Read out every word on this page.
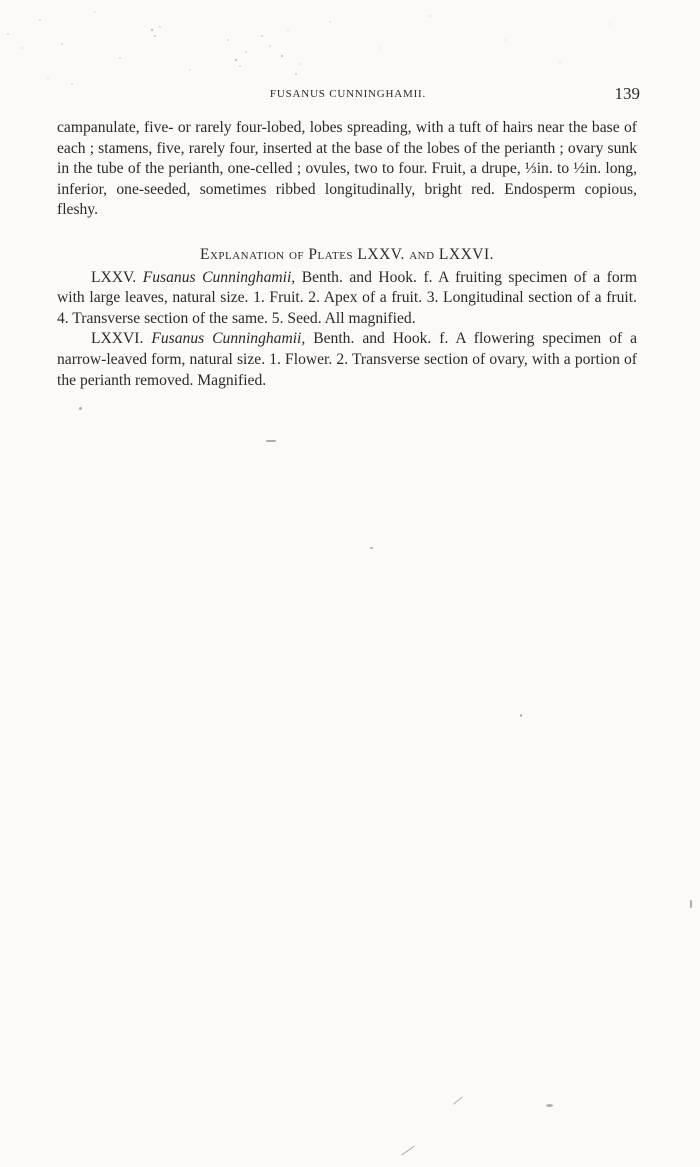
FUSANUS CUNNINGHAMII.	139

campanulate, five- or rarely four-lobed, lobes spreading, with a tuft of hairs near the base of each ; stamens, five, rarely four, inserted at the base of the lobes of the perianth ; ovary sunk in the tube of the perianth, one-celled ; ovules, two to four. Fruit, a drupe, ⅓in. to ½in. long, inferior, one-seeded, sometimes ribbed longitudinally, bright red. Endosperm copious, fleshy.

Explanation of Plates LXXV. and LXXVI.

LXXV. Fusanus Cunninghamii, Benth. and Hook. f. A fruiting specimen of a form with large leaves, natural size. 1. Fruit. 2. Apex of a fruit. 3. Longitudinal section of a fruit. 4. Transverse section of the same. 5. Seed. All magnified.

LXXVI. Fusanus Cunninghamii, Benth. and Hook. f. A flowering specimen of a narrow-leaved form, natural size. 1. Flower. 2. Transverse section of ovary, with a portion of the perianth removed. Magnified.
